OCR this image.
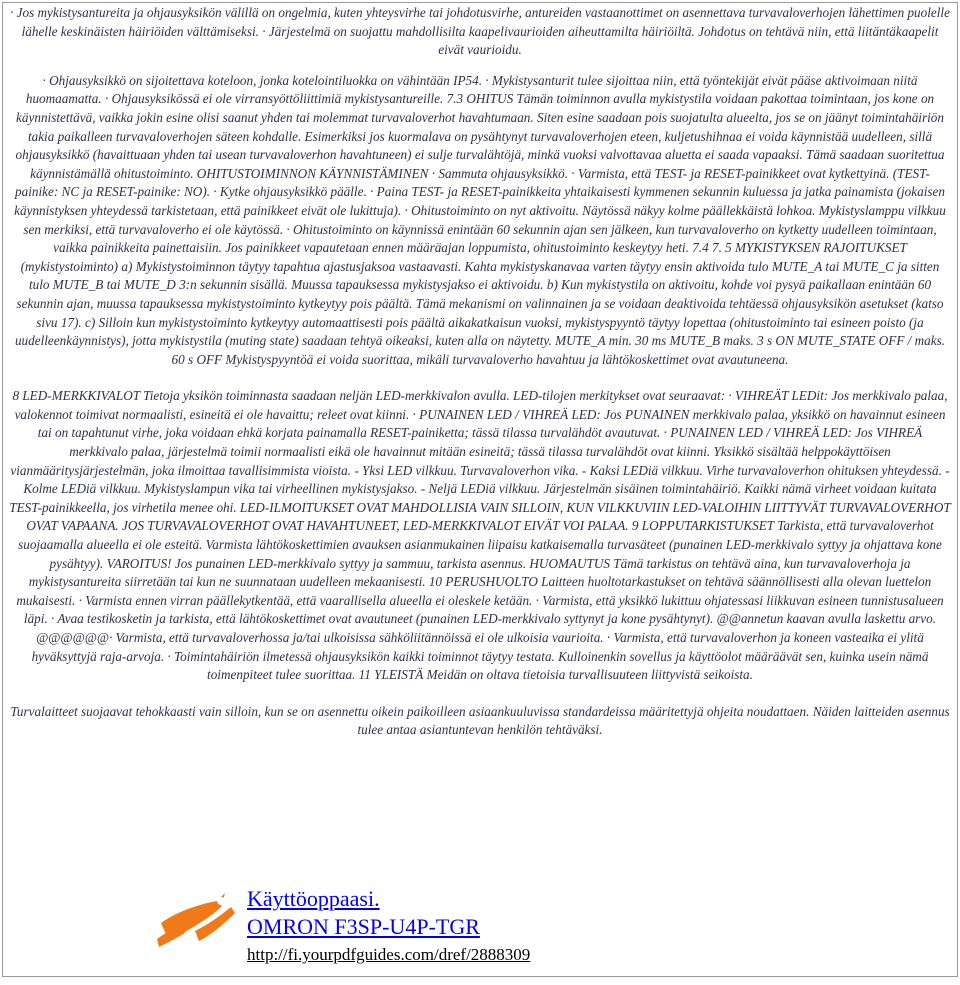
· Jos mykistysantureita ja ohjausyksikön välillä on ongelmia, kuten yhteysvirhe tai johdotusvirhe, antureiden vastaanottimet on asennettava turvavaloverhojen lähettimen puolelle lähelle keskinäisten häiriöiden välttämiseksi. · Järjestelmä on suojattu mahdollisilta kaapelivaurioiden aiheuttamilta häiriöiltä. Johdotus on tehtävä niin, että liitäntäkaapelit eivät vaurioidu.

· Ohjausyksikkö on sijoitettava koteloon, jonka kotelointiluokka on vähintään IP54. · Mykistysanturit tulee sijoittaa niin, että työntekijät eivät pääse aktivoimaan niitä huomaamatta. · Ohjausyksikössä ei ole virransyöttöliittimiä mykistysantureille. 7.3 OHITUS Tämän toiminnon avulla mykistystila voidaan pakottaa toimintaan, jos kone on käynnistettävä, vaikka jokin esine olisi saanut yhden tai molemmat turvavaloverhot havahtumaan. Siten esine saadaan pois suojatulta alueelta, jos se on jäänyt toimintahäiriön takia paikalleen turvavaloverhojen säteen kohdalle. Esimerkiksi jos kuormalava on pysähtynyt turvavaloverhojen eteen, kuljetushihnaa ei voida käynnistää uudelleen, sillä ohjausyksikkö (havaittuaan yhden tai usean turvavaloverhon havahtuneen) ei sulje turvalähtöjä, minkä vuoksi valvottavaa aluetta ei saada vapaaksi. Tämä saadaan suoritettua käynnistämällä ohitustoiminto. OHITUSTOIMINNON KÄYNNISTÄMINEN · Sammuta ohjausyksikkö. · Varmista, että TEST- ja RESET-painikkeet ovat kytkettyinä. (TEST-painike: NC ja RESET-painike: NO). · Kytke ohjausyksikkö päälle. · Paina TEST- ja RESET-painikkeita yhtaikaisesti kymmenen sekunnin kuluessa ja jatka painamista (jokaisen käynnistyksen yhteydessä tarkistetaan, että painikkeet eivät ole lukittuja). · Ohitustoiminto on nyt aktivoitu. Näytössä näkyy kolme päällekkäistä lohkoa. Mykistyslamppu vilkkuu sen merkiksi, että turvavaloverho ei ole käytössä. · Ohitustoiminto on käynnissä enintään 60 sekunnin ajan sen jälkeen, kun turvavaloverho on kytketty uudelleen toimintaan, vaikka painikkeita painettaisiin. Jos painikkeet vapautetaan ennen määräajan loppumista, ohitustoiminto keskeytyy heti. 7.4 7. 5 MYKISTYKSEN RAJOITUKSET (mykistystoiminto) a) Mykistystoiminnon täytyy tapahtua ajastusjaksoa vastaavasti. Kahta mykistyskanavaa varten täytyy ensin aktivoida tulo MUTE_A tai MUTE_C ja sitten tulo MUTE_B tai MUTE_D 3:n sekunnin sisällä. Muussa tapauksessa mykistysjakso ei aktivoidu. b) Kun mykistystila on aktivoitu, kohde voi pysyä paikallaan enintään 60 sekunnin ajan, muussa tapauksessa mykistystoiminto kytkeytyy pois päältä. Tämä mekanismi on valinnainen ja se voidaan deaktivoida tehtäessä ohjausyksikön asetukset (katso sivu 17). c) Silloin kun mykistystoiminto kytkeytyy automaattisesti pois päältä aikakatkaisun vuoksi, mykistyspyyntö täytyy lopettaa (ohitustoiminto tai esineen poisto (ja uudelleenkäynnistys), jotta mykistystila (muting state) saadaan tehtyä oikeaksi, kuten alla on näytetty. MUTE_A min. 30 ms MUTE_B maks. 3 s ON MUTE_STATE OFF / maks. 60 s OFF Mykistyspyyntöä ei voida suorittaa, mikäli turvavaloverho havahtuu ja lähtökoskettimet ovat avautuneena.

8 LED-MERKKIVALOT Tietoja yksikön toiminnasta saadaan neljän LED-merkkivalon avulla. LED-tilojen merkitykset ovat seuraavat: · VIHREÄT LEDit: Jos merkkivalo palaa, valokennot toimivat normaalisti, esineitä ei ole havaittu; releet ovat kiinni. · PUNAINEN LED / VIHREÄ LED: Jos PUNAINEN merkkivalo palaa, yksikkö on havainnut esineen tai on tapahtunut virhe, joka voidaan ehkä korjata painamalla RESET-painiketta; tässä tilassa turvalähdöt avautuvat. · PUNAINEN LED / VIHREÄ LED: Jos VIHREÄ merkkivalo palaa, järjestelmä toimii normaalisti eikä ole havainnut mitään esineitä; tässä tilassa turvalähdöt ovat kiinni. Yksikkö sisältää helppokäyttöisen vianmääritysjärjestelmän, joka ilmoittaa tavallisimmista vioista. - Yksi LED vilkkuu. Turvavaloverhon vika. - Kaksi LEDiä vilkkuu. Virhe turvavaloverhon ohituksen yhteydessä. - Kolme LEDiä vilkkuu. Mykistyslampun vika tai virheellinen mykistysjakso. - Neljä LEDiä vilkkuu. Järjestelmän sisäinen toimintahäiriö. Kaikki nämä virheet voidaan kuitata TEST-painikkeella, jos virhetila menee ohi. LED-ILMOITUKSET OVAT MAHDOLLISIA VAIN SILLOIN, KUN VILKKUVIIN LED-VALOIHIN LIITTYVÄT TURVAVALOVERHOT OVAT VAPAANA. JOS TURVAVALOVERHOT OVAT HAVAHTUNEET, LED-MERKKIVALOT EIVÄT VOI PALAA. 9 LOPPUTARKISTUKSET Tarkista, että turvavaloverhot suojaamalla alueella ei ole esteitä. Varmista lähtökoskettimien avauksen asianmukainen liipaisu katkaisemalla turvasäteet (punainen LED-merkkivalo syttyy ja ohjattava kone pysähtyy). VAROITUS! Jos punainen LED-merkkivalo syttyy ja sammuu, tarkista asennus. HUOMAUTUS Tämä tarkistus on tehtävä aina, kun turvavaloverhoja ja mykistysantureita siirretään tai kun ne suunnataan uudelleen mekaanisesti. 10 PERUSHUOLTO Laitteen huoltotarkastukset on tehtävä säännöllisesti alla olevan luettelon mukaisesti. · Varmista ennen virran päällekytkentää, että vaarallisella alueella ei oleskele ketään. · Varmista, että yksikkö lukittuu ohjatessasi liikkuvan esineen tunnistusalueen läpi. · Avaa testikosketin ja tarkista, että lähtökoskettimet ovat avautuneet (punainen LED-merkkivalo syttynyt ja kone pysähtynyt). @@annetun kaavan avulla laskettu arvo. @@@@@@· Varmista, että turvavaloverhossa ja/tai ulkoisissa sähköliitännöissä ei ole ulkoisia vaurioita. · Varmista, että turvavaloverhon ja koneen vasteaika ei ylitä hyväksyttyjä raja-arvoja. · Toimintahäiriön ilmetessä ohjausyksikön kaikki toiminnot täytyy testata. Kulloinenkin sovellus ja käyttöolot määräävät sen, kuinka usein nämä toimenpiteet tulee suorittaa. 11 YLEISTÄ Meidän on oltava tietoisia turvallisuuteen liittyvistä seikoista.

Turvalaitteet suojaavat tehokkaasti vain silloin, kun se on asennettu oikein paikoilleen asiaankuuluvissa standardeissa määritettyjä ohjeita noudattaen. Näiden laitteiden asennus tulee antaa asiantuntevan henkilön tehtäväksi.

Käyttöoppaasi.
OMRON F3SP-U4P-TGR
http://fi.yourpdfguides.com/dref/2888309
